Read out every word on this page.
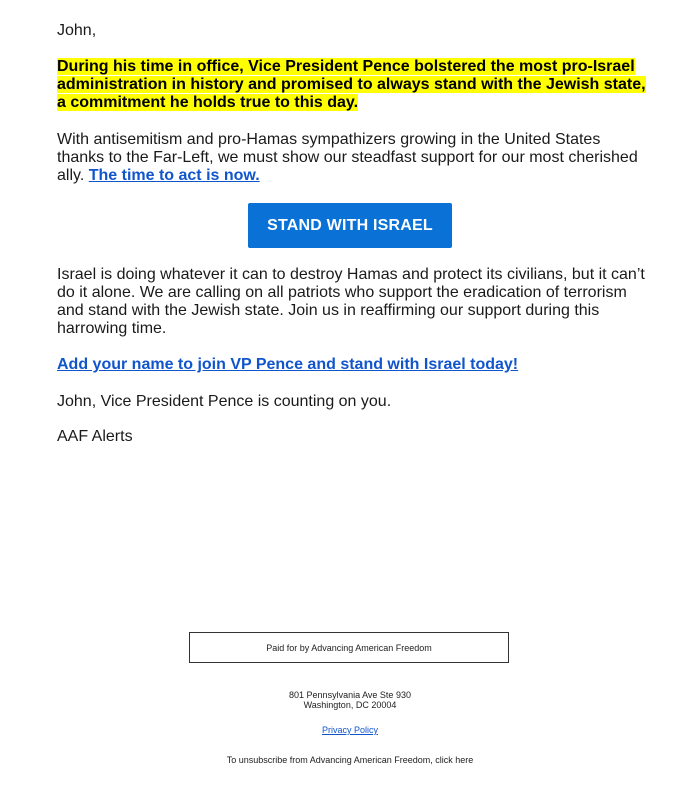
John,

During his time in office, Vice President Pence bolstered the most pro-Israel administration in history and promised to always stand with the Jewish state, a commitment he holds true to this day.

With antisemitism and pro-Hamas sympathizers growing in the United States thanks to the Far-Left, we must show our steadfast support for our most cherished ally. The time to act is now.

STAND WITH ISRAEL

Israel is doing whatever it can to destroy Hamas and protect its civilians, but it can’t do it alone. We are calling on all patriots who support the eradication of terrorism and stand with the Jewish state. Join us in reaffirming our support during this harrowing time.

Add your name to join VP Pence and stand with Israel today!

John, Vice President Pence is counting on you.

AAF Alerts

Paid for by Advancing American Freedom
801 Pennsylvania Ave Ste 930
Washington, DC 20004
Privacy Policy
To unsubscribe from Advancing American Freedom, click here
